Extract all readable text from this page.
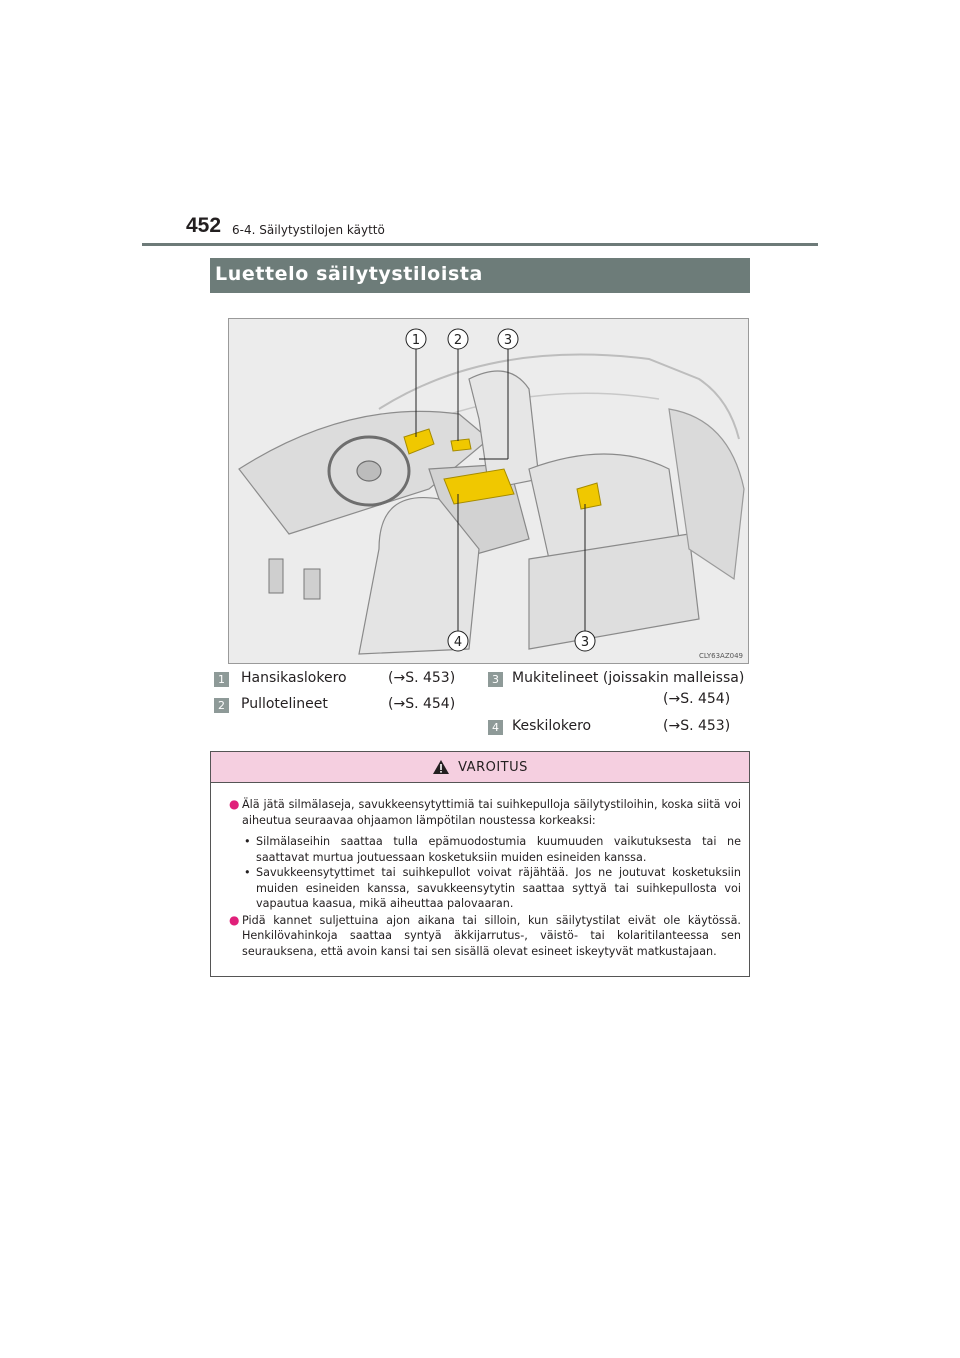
452 6-4. Säilytystilojen käyttö
Luettelo säilytystiloista
1	2	3
4	3
CLY63AZ049
1 Hansikaslokero	(→S. 453)
2 Pullotelineet	(→S. 454)
3 Mukitelineet (joissakin malleissa)
(→S. 454)
4 Keskilokero	(→S. 453)
VAROITUS
● Älä jätä silmälaseja, savukkeensytyttimiä tai suihkepulloja säilytystiloihin, koska siitä voi aiheutua seuraavaa ohjaamon lämpötilan noustessa korkeaksi:
• Silmälaseihin saattaa tulla epämuodostumia kuumuuden vaikutuksesta tai ne saattavat murtua joutuessaan kosketuksiin muiden esineiden kanssa.
• Savukkeensytyttimet tai suihkepullot voivat räjähtää. Jos ne joutuvat kosketuksiin muiden esineiden kanssa, savukkeensytytin saattaa syttyä tai suihkepullosta voi vapautua kaasua, mikä aiheuttaa palovaaran.
● Pidä kannet suljettuina ajon aikana tai silloin, kun säilytystilat eivät ole käytössä. Henkilövahinkoja saattaa syntyä äkkijarrutus-, väistö- tai kolaritilanteessa sen seurauksena, että avoin kansi tai sen sisällä olevat esineet iskeytyvät matkustajaan.
